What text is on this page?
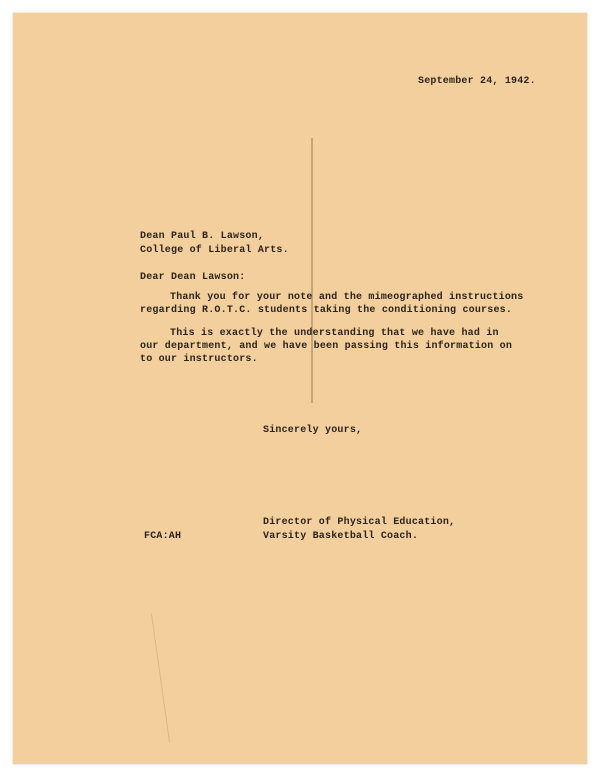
September 24, 1942.
Dean Paul B. Lawson,
College of Liberal Arts.
Dear Dean Lawson:
Thank you for your note and the mimeographed instructions
regarding R.O.T.C. students taking the conditioning courses.
This is exactly the understanding that we have had in
our department, and we have been passing this information on
to our instructors.
Sincerely yours,
Director of Physical Education,
Varsity Basketball Coach.
FCA:AH
